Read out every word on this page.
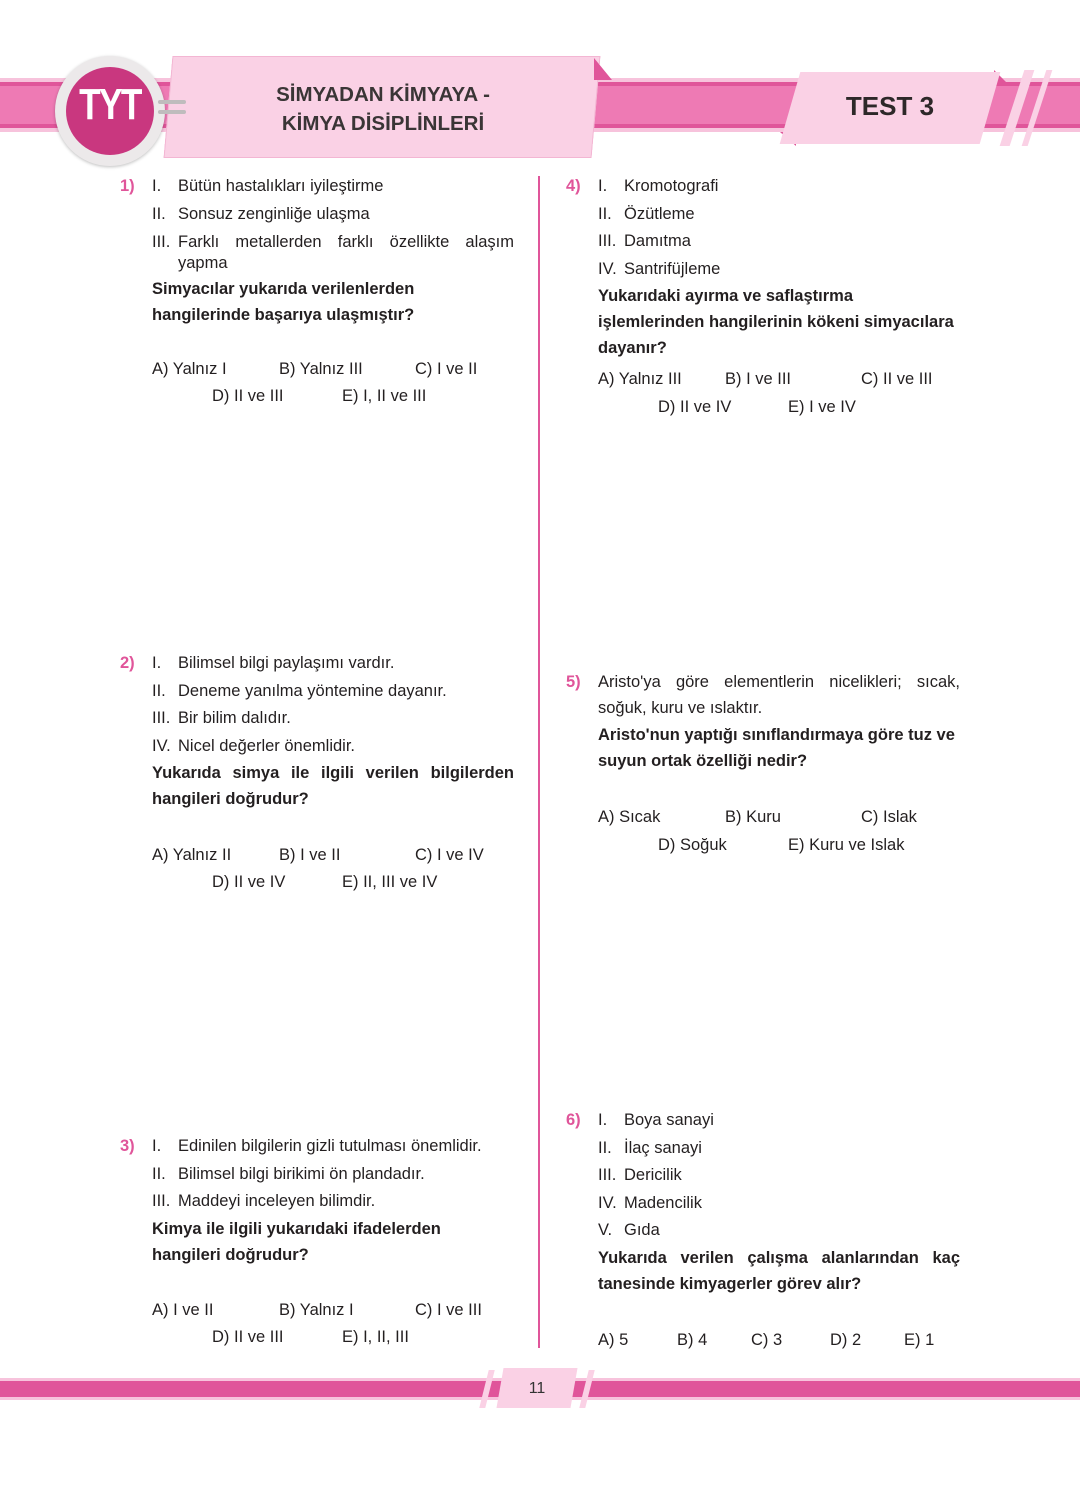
SİMYADAN KİMYAYA -
KİMYA DİSİPLİNLERİ
TEST 3
TYT
1) I.	Bütün hastalıkları iyileştirme
II. Sonsuz zenginliğe ulaşma
III. Farklı metallerden farklı özellikte alaşım yapma
Simyacılar yukarıda verilenlerden hangilerinde başarıya ulaşmıştır?
A) Yalnız I	B) Yalnız III	C) I ve II
D) II ve III	E) I, II ve III
2) I.	Bilimsel bilgi paylaşımı vardır.
II. Deneme yanılma yöntemine dayanır.
III. Bir bilim dalıdır.
IV. Nicel değerler önemlidir.
Yukarıda simya ile ilgili verilen bilgilerden hangileri doğrudur?
A) Yalnız II	B) I ve II	C) I ve IV
D) II ve IV	E) II, III ve IV
3) I.	Edinilen bilgilerin gizli tutulması önemlidir.
II. Bilimsel bilgi birikimi ön plandadır.
III. Maddeyi inceleyen bilimdir.
Kimya ile ilgili yukarıdaki ifadelerden hangileri doğrudur?
A) I ve II	B) Yalnız I	C) I ve III
D) II ve III	E) I, II, III
4) I.	Kromotografi
II. Özütleme
III. Damıtma
IV. Santrifüjleme
Yukarıdaki ayırma ve saflaştırma işlemlerinden hangilerinin kökeni simyacılara dayanır?
A) Yalnız III	B) I ve III	C) II ve III
D) II ve IV	E) I ve IV
5) Aristo'ya göre elementlerin nicelikleri; sıcak, soğuk, kuru ve ıslaktır.
Aristo'nun yaptığı sınıflandırmaya göre tuz ve suyun ortak özelliği nedir?
A) Sıcak	B) Kuru	C) Islak
D) Soğuk	E) Kuru ve Islak
6) I.	Boya sanayi
II. İlaç sanayi
III. Dericilik
IV. Madencilik
V. Gıda
Yukarıda verilen çalışma alanlarından kaç tanesinde kimyagerler görev alır?
A) 5	B) 4	C) 3	D) 2	E) 1
11
